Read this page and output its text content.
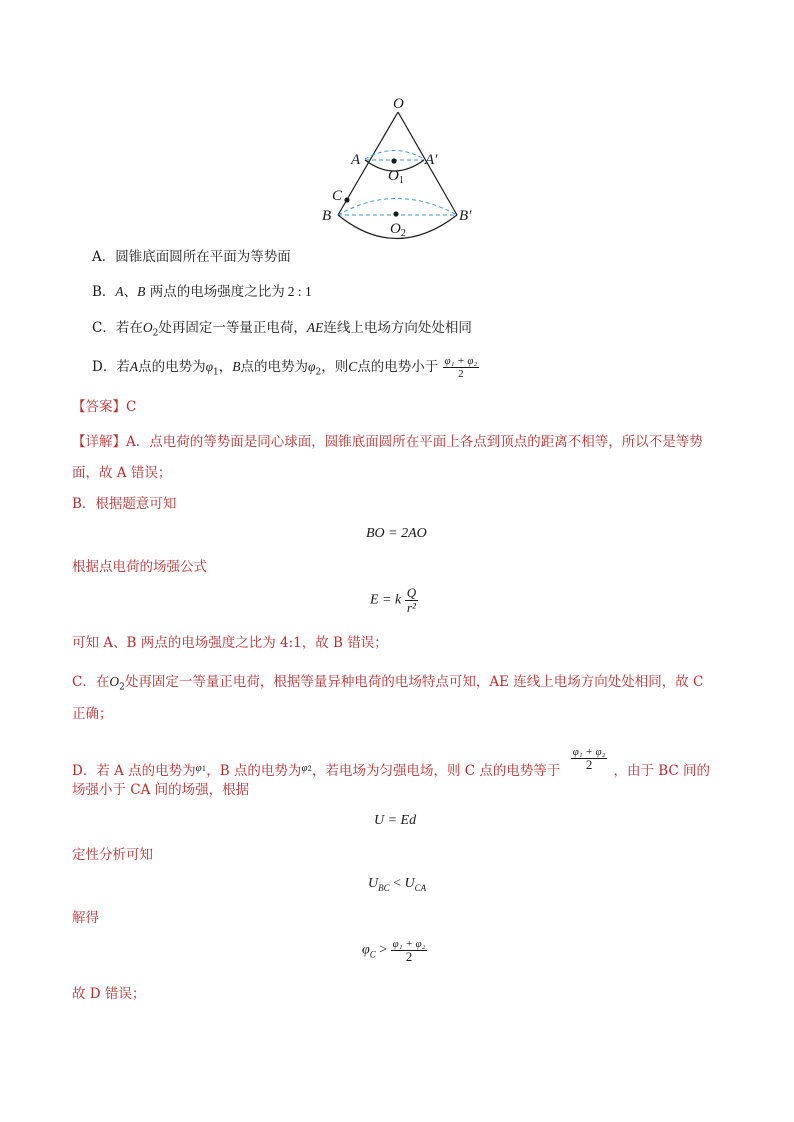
O
A	A′
$O_1$
C
B	B′
$O_2$
A．圆锥底面圆所在平面为等势面
B．A、B 两点的电场强度之比为 2 : 1
C．若在$O_2$处再固定一等量正电荷，AE连线上电场方向处处相同
D．若A点的电势为$\varphi_1$，B点的电势为$\varphi_2$，则C点的电势小于 $\frac{\text{φ₁ + φ₂}}{2}$
【答案】C
【详解】A．点电荷的等势面是同心球面，圆锥底面圆所在平面上各点到顶点的距离不相等，所以不是等势
面，故 A 错误；
B．根据题意可知
BO = 2AO
根据点电荷的场强公式
E = k $\frac{Q}{\text{r²}}$
可知 A、B 两点的电场强度之比为 4:1，故 B 错误；
C．在$O_2$处再固定一等量正电荷，根据等量异种电荷的电场特点可知，AE 连线上电场方向处处相同，故 C
正确；
D．若 A 点的电势为$^\varphi_1$，B 点的电势为$^\varphi_2$，若电场为匀强电场，则 C 点的电势等于 $\frac{\text{φ₁ + φ₂}}{2}$ ，由于 BC 间的
场强小于 CA 间的场强，根据
U = Ed
定性分析可知
$U_{BC} < U_{CA}$
解得
$\varphi_C > \frac{\text{φ₁ + φ₂}}{2}$
故 D 错误；
